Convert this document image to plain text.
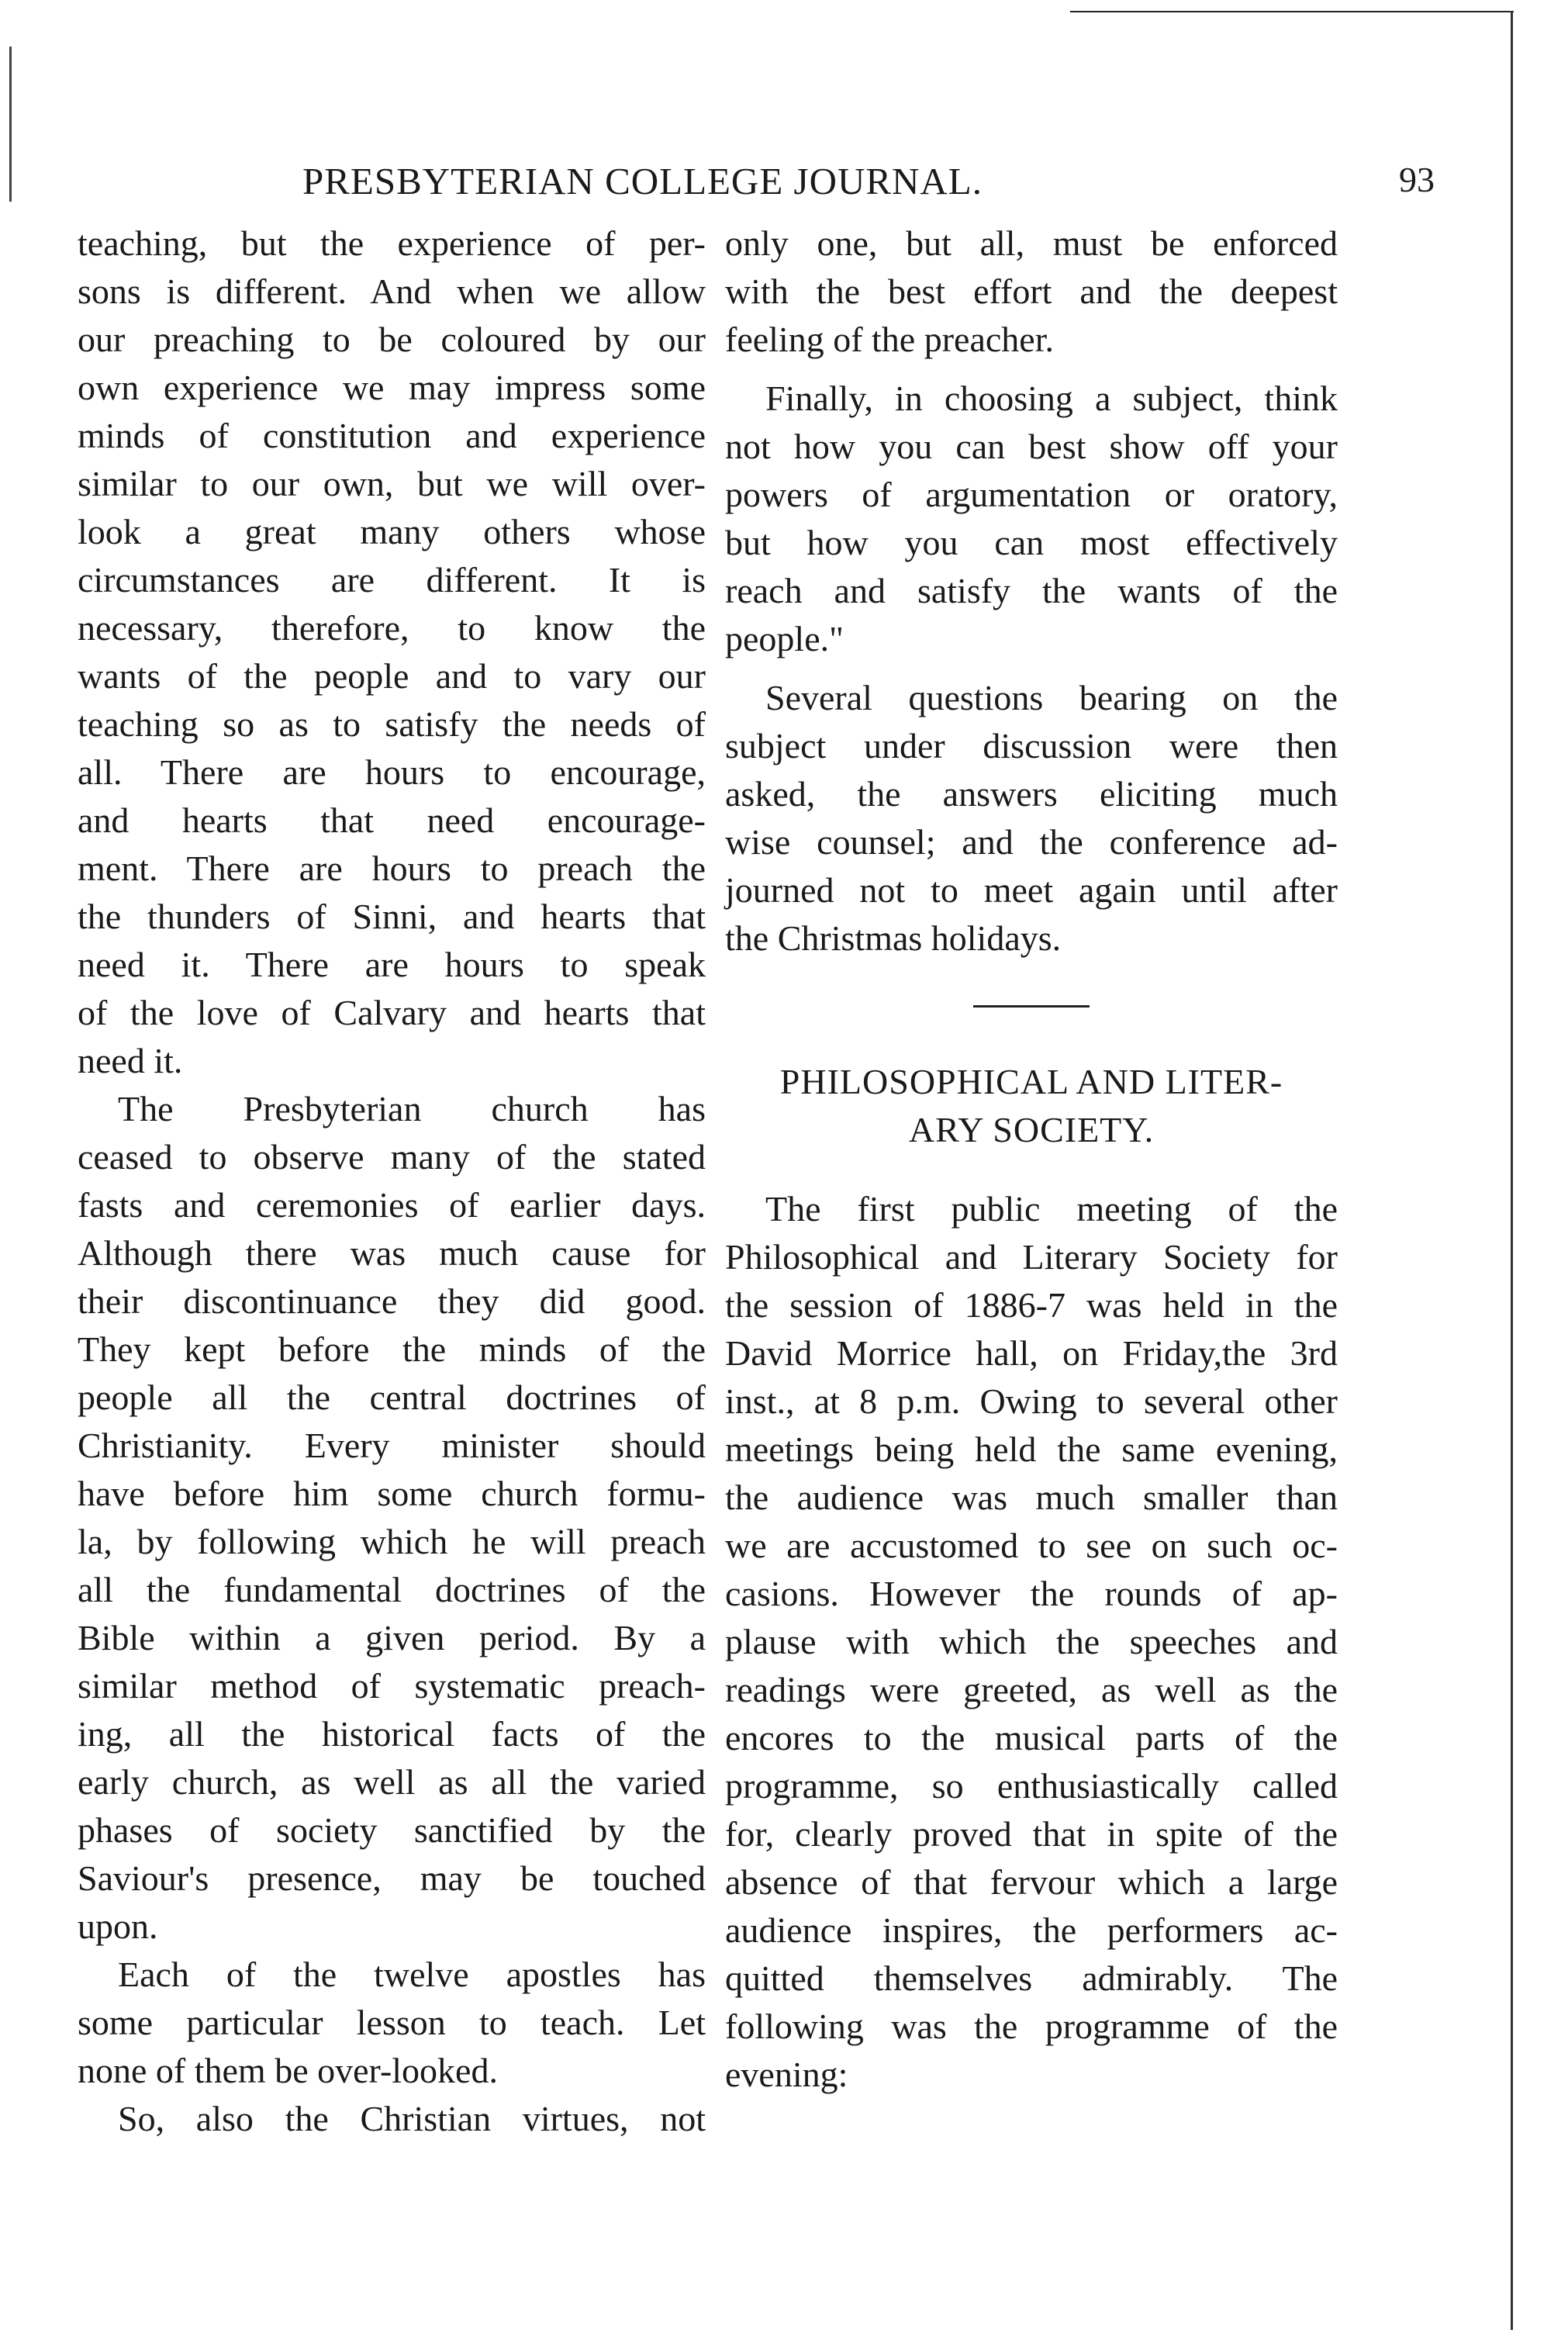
PRESBYTERIAN COLLEGE JOURNAL.	93
teaching, but the experience of per-
sons is different. And when we allow
our preaching to be coloured by our
own experience we may impress some
minds of constitution and experience
similar to our own, but we will over-
look a great many others whose
circumstances are different. It is
necessary, therefore, to know the
wants of the people and to vary our
teaching so as to satisfy the needs of
all. There are hours to encourage,
and hearts that need encourage-
ment. There are hours to preach the
the thunders of Sinni, and hearts that
need it. There are hours to speak
of the love of Calvary and hearts that
need it.
The Presbyterian church has
ceased to observe many of the stated
fasts and ceremonies of earlier days.
Although there was much cause for
their discontinuance they did good.
They kept before the minds of the
people all the central doctrines of
Christianity. Every minister should
have before him some church formu-
la, by following which he will preach
all the fundamental doctrines of the
Bible within a given period. By a
similar method of systematic preach-
ing, all the historical facts of the
early church, as well as all the varied
phases of society sanctified by the
Saviour's presence, may be touched
upon.
Each of the twelve apostles has
some particular lesson to teach. Let
none of them be over-looked.
So, also the Christian virtues, not
only one, but all, must be enforced
with the best effort and the deepest
feeling of the preacher.
Finally, in choosing a subject, think
not how you can best show off your
powers of argumentation or oratory,
but how you can most effectively
reach and satisfy the wants of the
people."
Several questions bearing on the
subject under discussion were then
asked, the answers eliciting much
wise counsel; and the conference ad-
journed not to meet again until after
the Christmas holidays.
PHILOSOPHICAL AND LITER-
ARY SOCIETY.
The first public meeting of the
Philosophical and Literary Society for
the session of 1886-7 was held in the
David Morrice hall, on Friday,the 3rd
inst., at 8 p.m. Owing to several other
meetings being held the same evening,
the audience was much smaller than
we are accustomed to see on such oc-
casions. However the rounds of ap-
plause with which the speeches and
readings were greeted, as well as the
encores to the musical parts of the
programme, so enthusiastically called
for, clearly proved that in spite of the
absence of that fervour which a large
audience inspires, the performers ac-
quitted themselves admirably. The
following was the programme of the
evening:
